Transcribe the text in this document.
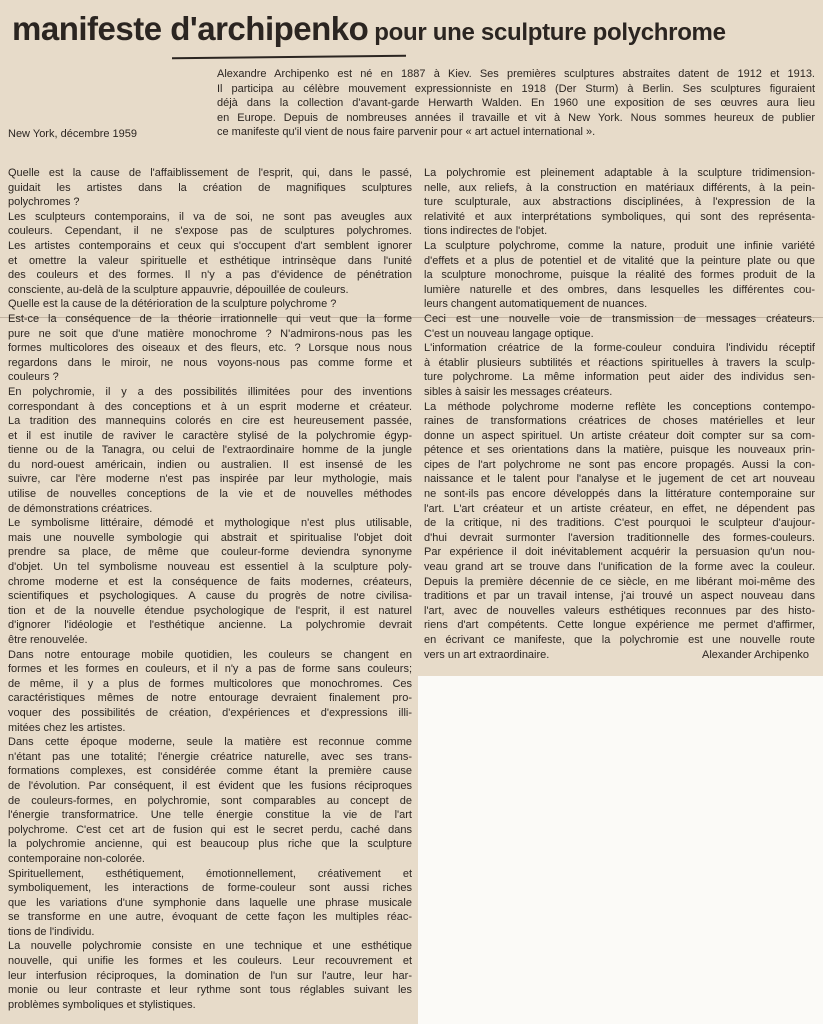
manifeste d'archipenko pour une sculpture polychrome
New York, décembre 1959
Alexandre Archipenko est né en 1887 à Kiev. Ses premières sculptures abstraites datent de 1912 et 1913.
Il participa au célèbre mouvement expressionniste en 1918 (Der Sturm) à Berlin. Ses sculptures figuraient
déjà dans la collection d'avant-garde Herwarth Walden. En 1960 une exposition de ses œuvres aura lieu
en Europe. Depuis de nombreuses années il travaille et vit à New York. Nous sommes heureux de publier
ce manifeste qu'il vient de nous faire parvenir pour « art actuel international ».
Quelle est la cause de l'affaiblissement de l'esprit, qui, dans le passé,
guidait les artistes dans la création de magnifiques sculptures
polychromes ?
Les sculpteurs contemporains, il va de soi, ne sont pas aveugles aux
couleurs. Cependant, il ne s'expose pas de sculptures polychromes.
Les artistes contemporains et ceux qui s'occupent d'art semblent ignorer
et omettre la valeur spirituelle et esthétique intrinsèque dans l'unité
des couleurs et des formes. Il n'y a pas d'évidence de pénétration
consciente, au-delà de la sculpture appauvrie, dépouillée de couleurs.
Quelle est la cause de la détérioration de la sculpture polychrome ?
Est-ce la conséquence de la théorie irrationnelle qui veut que la forme
pure ne soit que d'une matière monochrome ? N'admirons-nous pas les
formes multicolores des oiseaux et des fleurs, etc. ? Lorsque nous nous
regardons dans le miroir, ne nous voyons-nous pas comme forme et
couleurs ?
En polychromie, il y a des possibilités illimitées pour des inventions
correspondant à des conceptions et à un esprit moderne et créateur.
La tradition des mannequins colorés en cire est heureusement passée,
et il est inutile de raviver le caractère stylisé de la polychromie égyp-
tienne ou de la Tanagra, ou celui de l'extraordinaire homme de la jungle
du nord-ouest américain, indien ou australien. Il est insensé de les
suivre, car l'ère moderne n'est pas inspirée par leur mythologie, mais
utilise de nouvelles conceptions de la vie et de nouvelles méthodes
de démonstrations créatrices.
Le symbolisme littéraire, démodé et mythologique n'est plus utilisable,
mais une nouvelle symbologie qui abstrait et spiritualise l'objet doit
prendre sa place, de même que couleur-forme deviendra synonyme
d'objet. Un tel symbolisme nouveau est essentiel à la sculpture poly-
chrome moderne et est la conséquence de faits modernes, créateurs,
scientifiques et psychologiques. A cause du progrès de notre civilisa-
tion et de la nouvelle étendue psychologique de l'esprit, il est naturel
d'ignorer l'idéologie et l'esthétique ancienne. La polychromie devrait
être renouvelée.
Dans notre entourage mobile quotidien, les couleurs se changent en
formes et les formes en couleurs, et il n'y a pas de forme sans couleurs;
de même, il y a plus de formes multicolores que monochromes. Ces
caractéristiques mêmes de notre entourage devraient finalement pro-
voquer des possibilités de création, d'expériences et d'expressions illi-
mitées chez les artistes.
Dans cette époque moderne, seule la matière est reconnue comme
n'étant pas une totalité; l'énergie créatrice naturelle, avec ses trans-
formations complexes, est considérée comme étant la première cause
de l'évolution. Par conséquent, il est évident que les fusions réciproques
de couleurs-formes, en polychromie, sont comparables au concept de
l'énergie transformatrice. Une telle énergie constitue la vie de l'art
polychrome. C'est cet art de fusion qui est le secret perdu, caché dans
la polychromie ancienne, qui est beaucoup plus riche que la sculpture
contemporaine non-colorée.
Spirituellement, esthétiquement, émotionnellement, créativement et
symboliquement, les interactions de forme-couleur sont aussi riches
que les variations d'une symphonie dans laquelle une phrase musicale
se transforme en une autre, évoquant de cette façon les multiples réac-
tions de l'individu.
La nouvelle polychromie consiste en une technique et une esthétique
nouvelle, qui unifie les formes et les couleurs. Leur recouvrement et
leur interfusion réciproques, la domination de l'un sur l'autre, leur har-
monie ou leur contraste et leur rythme sont tous réglables suivant les
problèmes symboliques et stylistiques.
La polychromie est pleinement adaptable à la sculpture tridimension-
nelle, aux reliefs, à la construction en matériaux différents, à la pein-
ture sculpturale, aux abstractions disciplinées, à l'expression de la
relativité et aux interprétations symboliques, qui sont des représenta-
tions indirectes de l'objet.
La sculpture polychrome, comme la nature, produit une infinie variété
d'effets et a plus de potentiel et de vitalité que la peinture plate ou que
la sculpture monochrome, puisque la réalité des formes produit de la
lumière naturelle et des ombres, dans lesquelles les différentes cou-
leurs changent automatiquement de nuances.
Ceci est une nouvelle voie de transmission de messages créateurs.
C'est un nouveau langage optique.
L'information créatrice de la forme-couleur conduira l'individu réceptif
à établir plusieurs subtilités et réactions spirituelles à travers la sculp-
ture polychrome. La même information peut aider des individus sen-
sibles à saisir les messages créateurs.
La méthode polychrome moderne reflète les conceptions contempo-
raines de transformations créatrices de choses matérielles et leur
donne un aspect spirituel. Un artiste créateur doit compter sur sa com-
pétence et ses orientations dans la matière, puisque les nouveaux prin-
cipes de l'art polychrome ne sont pas encore propagés. Aussi la con-
naissance et le talent pour l'analyse et le jugement de cet art nouveau
ne sont-ils pas encore développés dans la littérature contemporaine sur
l'art. L'art créateur et un artiste créateur, en effet, ne dépendent pas
de la critique, ni des traditions. C'est pourquoi le sculpteur d'aujour-
d'hui devrait surmonter l'aversion traditionnelle des formes-couleurs.
Par expérience il doit inévitablement acquérir la persuasion qu'un nou-
veau grand art se trouve dans l'unification de la forme avec la couleur.
Depuis la première décennie de ce siècle, en me libérant moi-même des
traditions et par un travail intense, j'ai trouvé un aspect nouveau dans
l'art, avec de nouvelles valeurs esthétiques reconnues par des histo-
riens d'art compétents. Cette longue expérience me permet d'affirmer,
en écrivant ce manifeste, que la polychromie est une nouvelle route
vers un art extraordinaire.	Alexander Archipenko
